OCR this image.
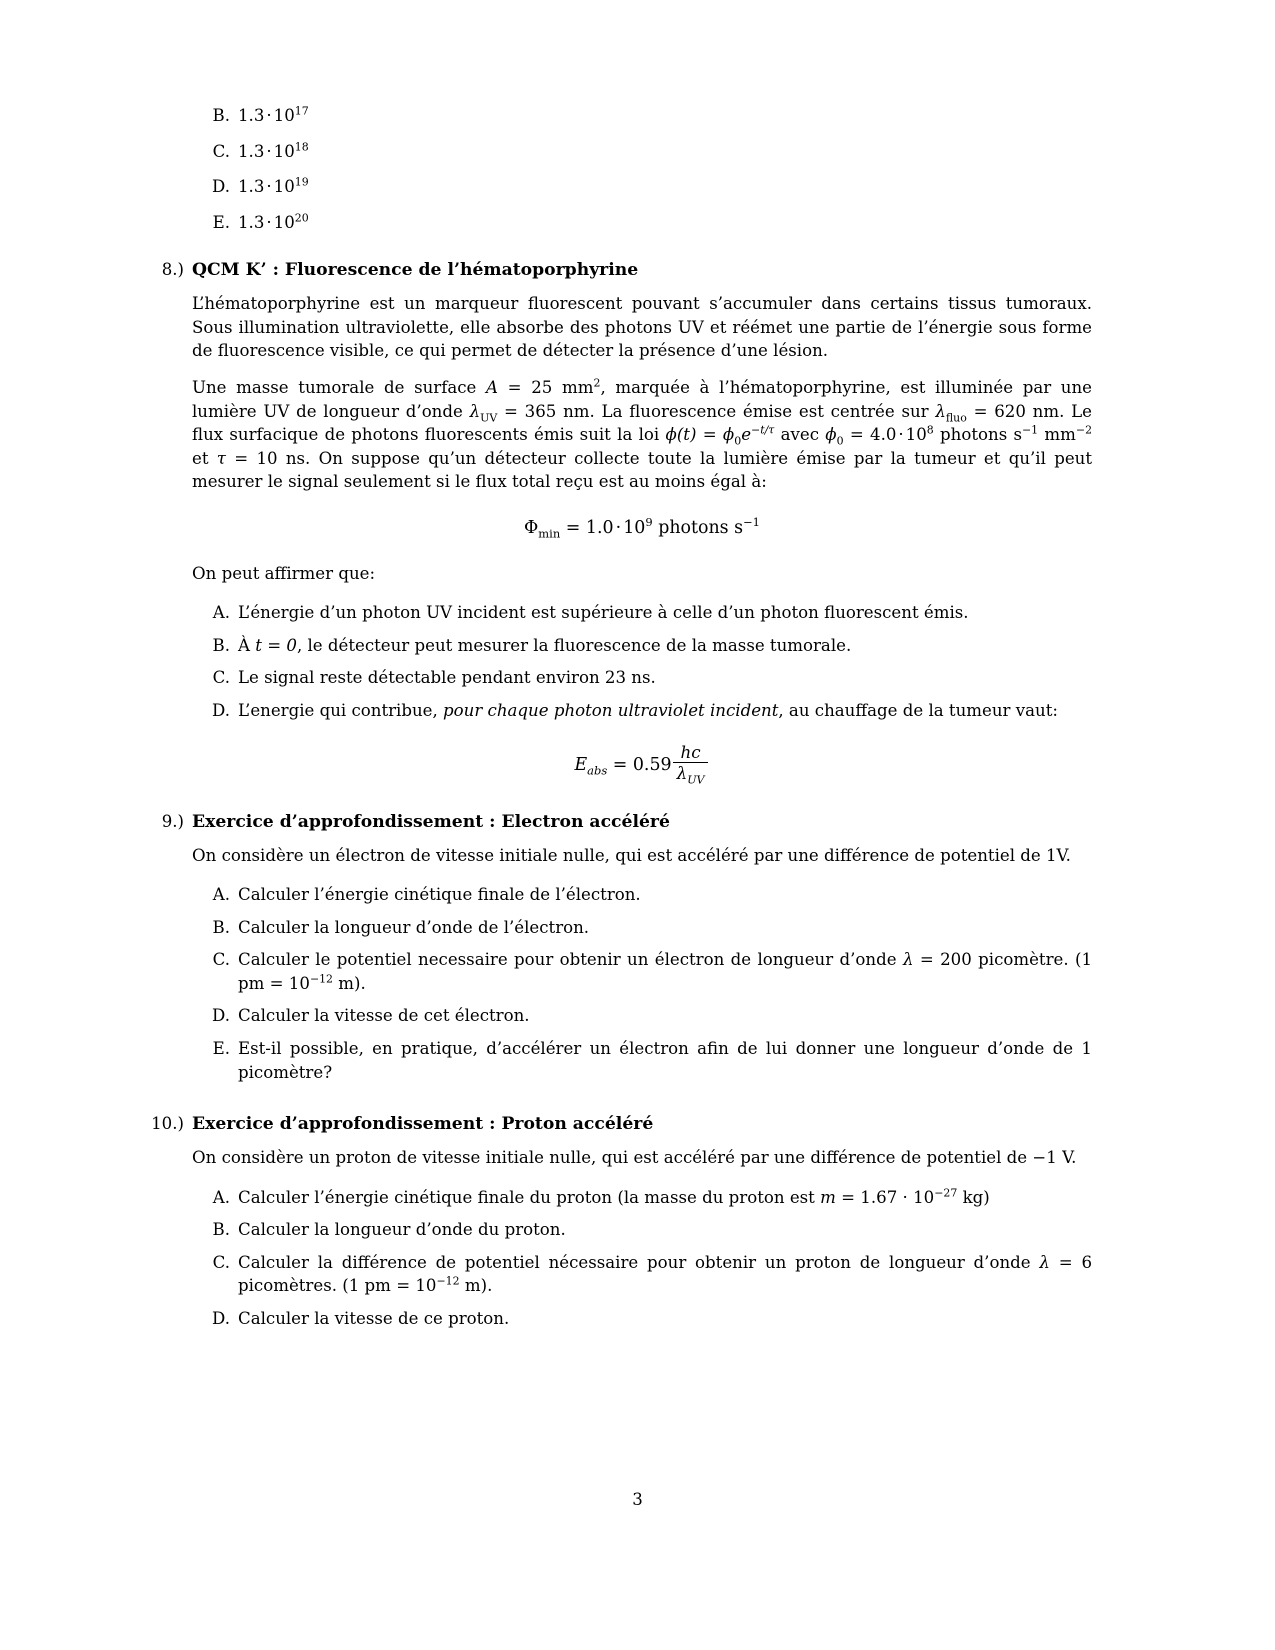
B. $1.3 \cdot 10^{17}$
C. $1.3 \cdot 10^{18}$
D. $1.3 \cdot 10^{19}$
E. $1.3 \cdot 10^{20}$
8.) QCM K’ : Fluorescence de l’hématoporphyrine

L’hématoporphyrine est un marqueur fluorescent pouvant s’accumuler dans certains tissus tumoraux. Sous illumination ultraviolette, elle absorbe des photons UV et réémet une partie de l’énergie sous forme de fluorescence visible, ce qui permet de détecter la présence d’une lésion.

Une masse tumorale de surface A = 25 $mm^2$, marquée à l’hématoporphyrine, est illuminée par une lumière UV de longueur d’onde $\lambda_{UV} = 365$ nm. La fluorescence émise est centrée sur $\lambda_{fluo} = 620$ nm. Le flux surfacique de photons fluorescents émis suit la loi $\phi(t) = \phi_0e^{-t/\tau}$ avec $\phi_0 = 4.0 \cdot 10^8$ photons $s^{-1}$ $mm^{-2}$ et τ = 10 ns. On suppose qu’un détecteur collecte toute la lumière émise par la tumeur et qu’il peut mesurer le signal seulement si le flux total reçu est au moins égal à:

$\Phi_{min} = 1.0 \cdot 10^9$ photons $s^{-1}$

On peut affirmer que:

A. L’énergie d’un photon UV incident est supérieure à celle d’un photon fluorescent émis.
B. À t = 0, le détecteur peut mesurer la fluorescence de la masse tumorale.
C. Le signal reste détectable pendant environ 23 ns.
D. L’energie qui contribue, pour chaque photon ultraviolet incident, au chauffage de la tumeur vaut:
$E_{abs} = 0.59 \frac{hc}{\lambda_{UV}}$
9.) Exercice d’approfondissement : Electron accéléré

On considère un électron de vitesse initiale nulle, qui est accéléré par une différence de potentiel de 1V.

A. Calculer l’énergie cinétique finale de l’électron.
B. Calculer la longueur d’onde de l’électron.
C. Calculer le potentiel necessaire pour obtenir un électron de longueur d’onde λ = 200 picomètre. (1 pm = $10^{-12}$ m).
D. Calculer la vitesse de cet électron.
E. Est-il possible, en pratique, d’accélérer un électron afin de lui donner une longueur d’onde de 1 picomètre?
10.) Exercice d’approfondissement : Proton accéléré

On considère un proton de vitesse initiale nulle, qui est accéléré par une différence de potentiel de −1 V.

A. Calculer l’énergie cinétique finale du proton (la masse du proton est $m = 1.67 \cdot 10^{-27}$ kg)
B. Calculer la longueur d’onde du proton.
C. Calculer la différence de potentiel nécessaire pour obtenir un proton de longueur d’onde λ = 6 picomètres. (1 pm = $10^{-12}$ m).
D. Calculer la vitesse de ce proton.
3
